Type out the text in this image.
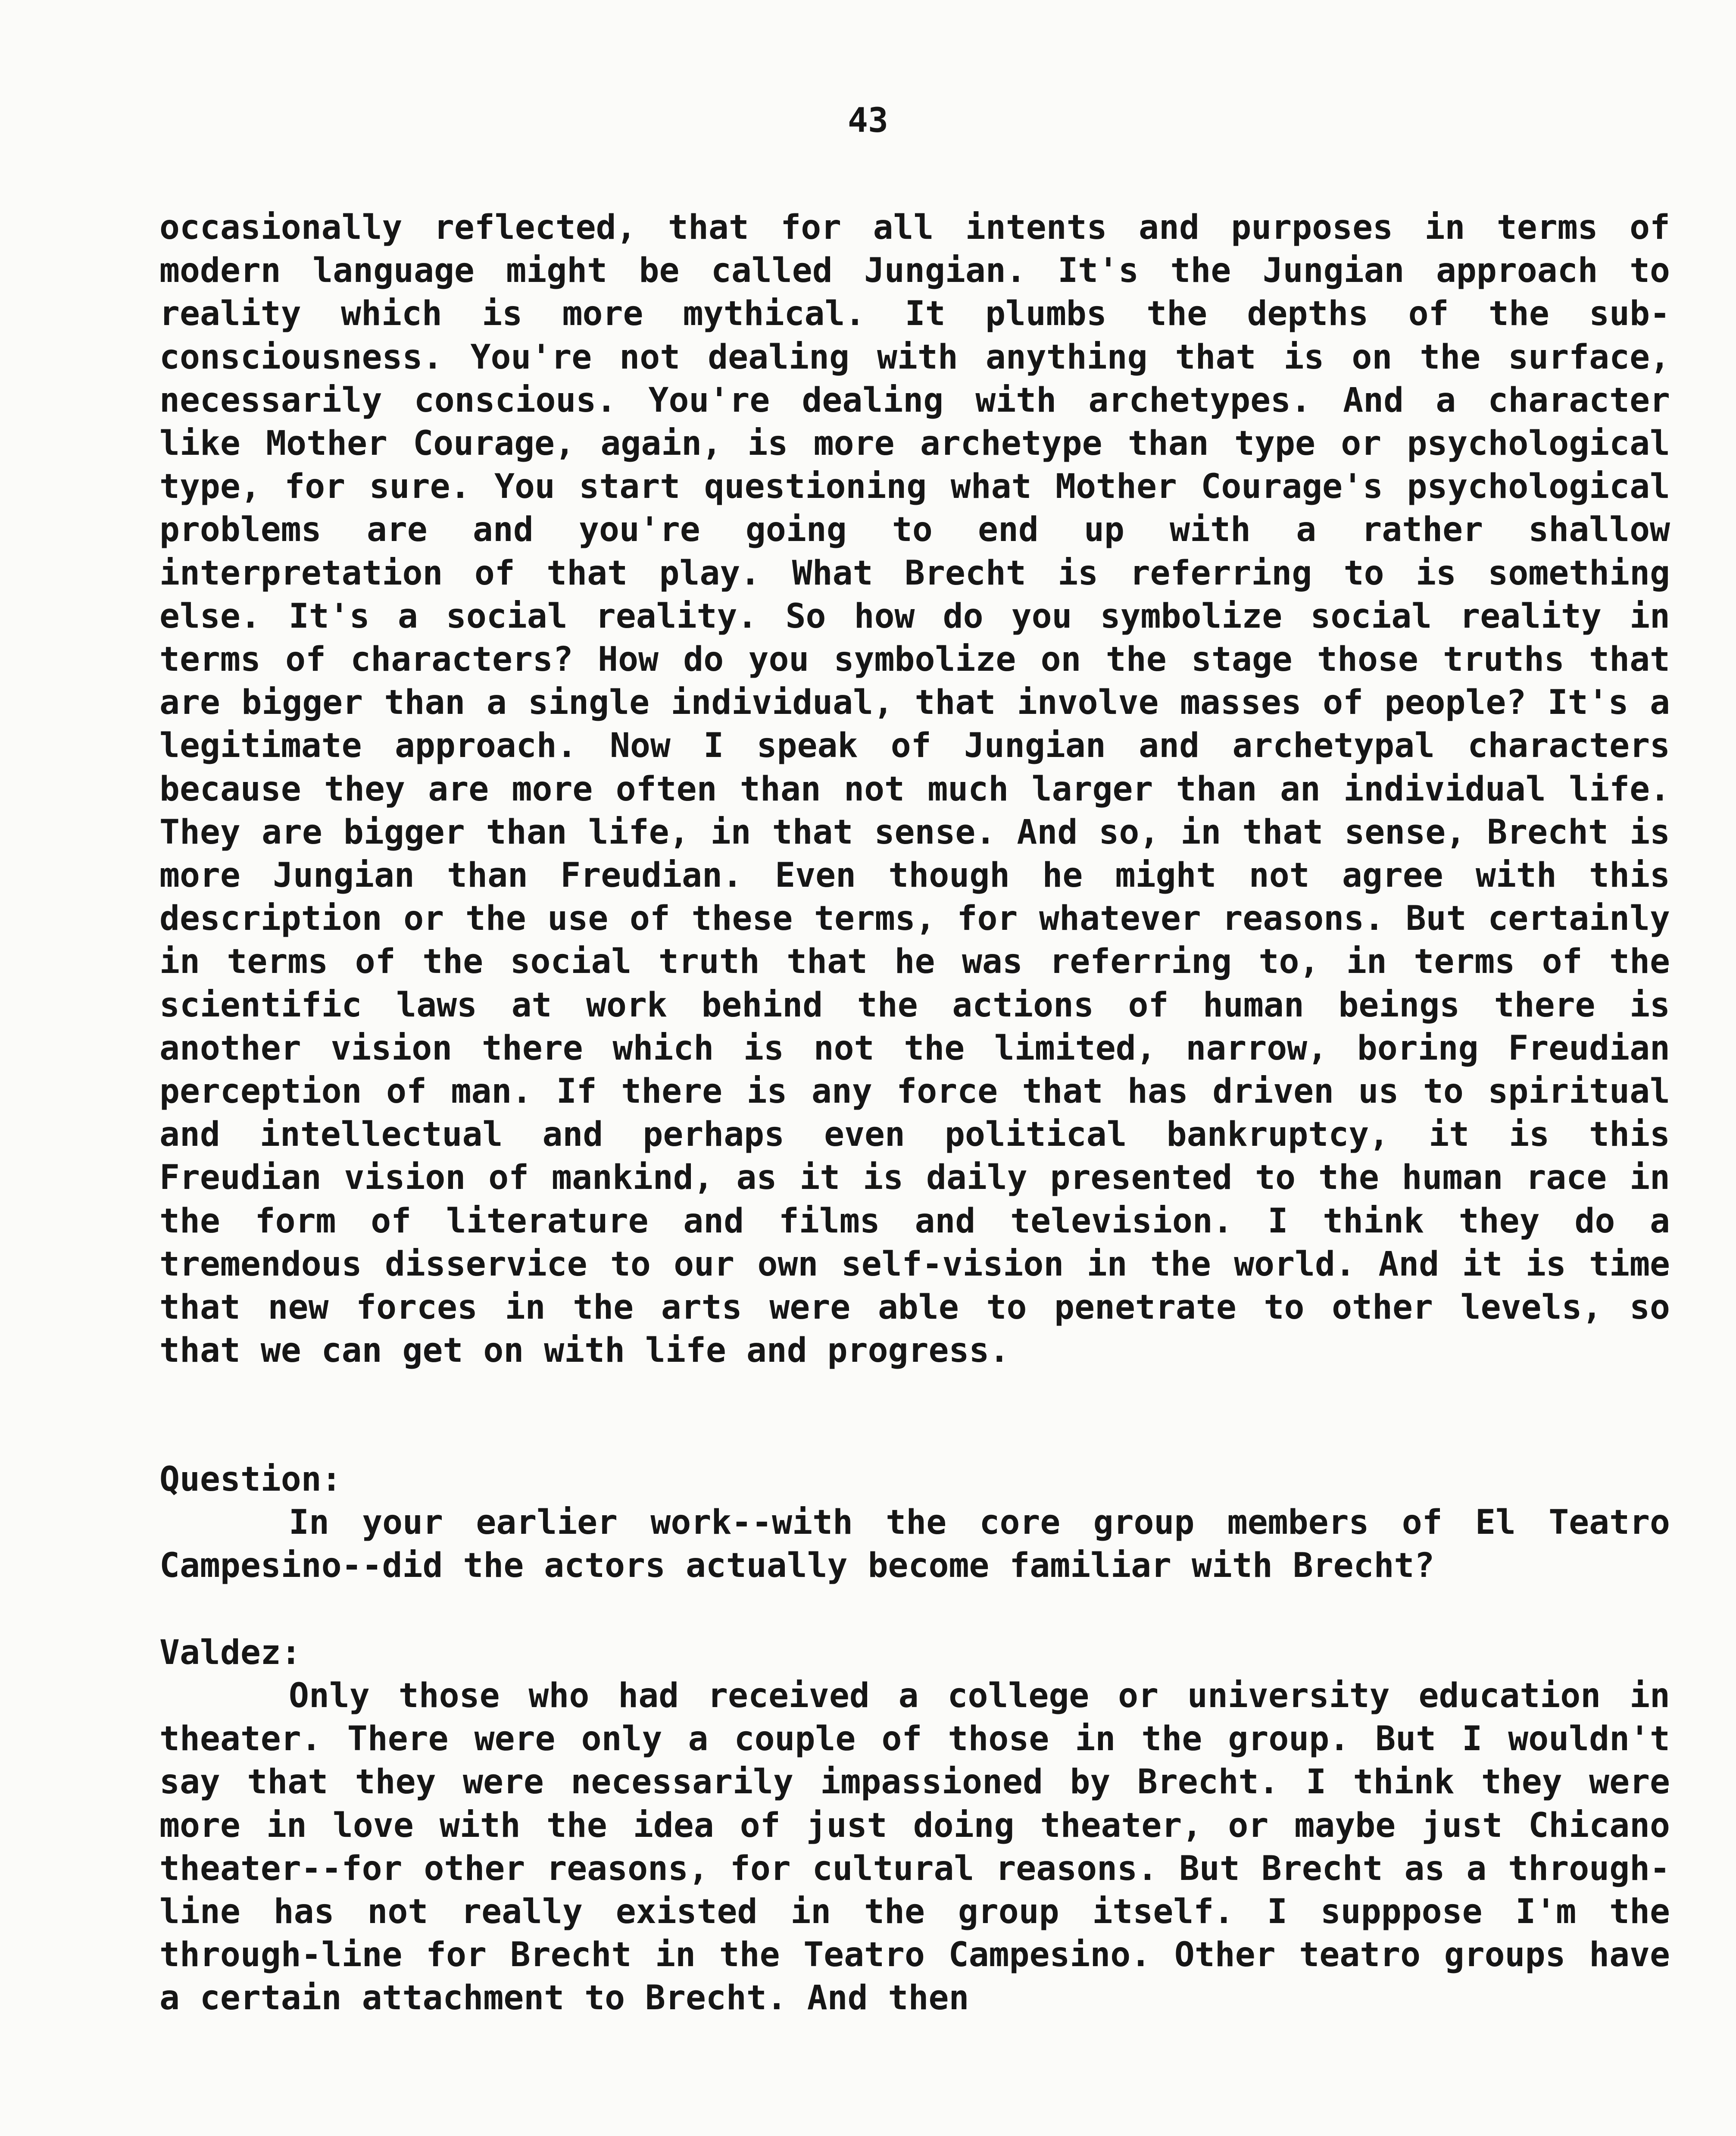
43

occasionally reflected, that for all intents and purposes in terms of modern language might be called Jungian. It's the Jungian approach to reality which is more mythical. It plumbs the depths of the sub-consciousness. You're not dealing with anything that is on the surface, necessarily conscious. You're dealing with archetypes. And a character like Mother Courage, again, is more archetype than type or psychological type, for sure. You start questioning what Mother Courage's psychological problems are and you're going to end up with a rather shallow interpretation of that play. What Brecht is referring to is something else. It's a social reality. So how do you symbolize social reality in terms of characters? How do you symbolize on the stage those truths that are bigger than a single individual, that involve masses of people? It's a legitimate approach. Now I speak of Jungian and archetypal characters because they are more often than not much larger than an individual life. They are bigger than life, in that sense. And so, in that sense, Brecht is more Jungian than Freudian. Even though he might not agree with this description or the use of these terms, for whatever reasons. But certainly in terms of the social truth that he was referring to, in terms of the scientific laws at work behind the actions of human beings there is another vision there which is not the limited, narrow, boring Freudian perception of man. If there is any force that has driven us to spiritual and intellectual and perhaps even political bankruptcy, it is this Freudian vision of mankind, as it is daily presented to the human race in the form of literature and films and television. I think they do a tremendous disservice to our own self-vision in the world. And it is time that new forces in the arts were able to penetrate to other levels, so that we can get on with life and progress.

Question:

In your earlier work--with the core group members of El Teatro Campesino--did the actors actually become familiar with Brecht?

Valdez:

Only those who had received a college or university education in theater. There were only a couple of those in the group. But I wouldn't say that they were necessarily impassioned by Brecht. I think they were more in love with the idea of just doing theater, or maybe just Chicano theater--for other reasons, for cultural reasons. But Brecht as a through-line has not really existed in the group itself. I supppose I'm the through-line for Brecht in the Teatro Campesino. Other teatro groups have a certain attachment to Brecht. And then
